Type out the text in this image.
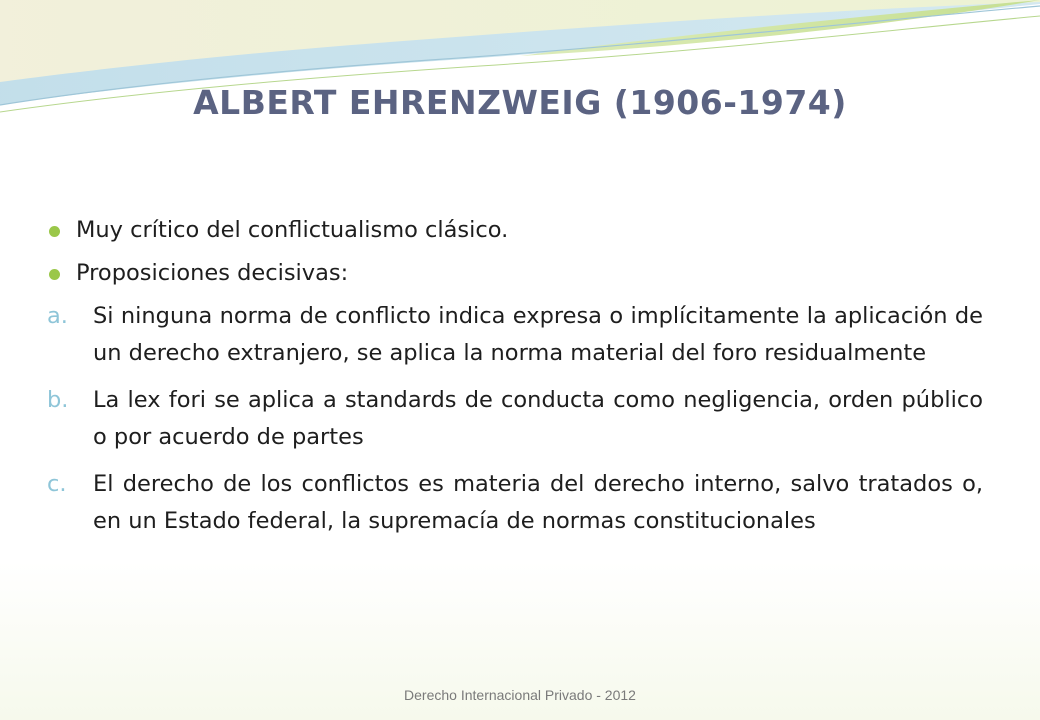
ALBERT EHRENZWEIG (1906-1974)
Muy crítico del conflictualismo clásico.
Proposiciones decisivas:
a. Si ninguna norma de conflicto indica expresa o implícitamente la aplicación de un derecho extranjero, se aplica la norma material del foro residualmente
b. La lex fori se aplica a standards de conducta como negligencia, orden público o por acuerdo de partes
c. El derecho de los conflictos es materia del derecho interno, salvo tratados o, en un Estado federal, la supremacía de normas constitucionales
Derecho Internacional Privado - 2012
